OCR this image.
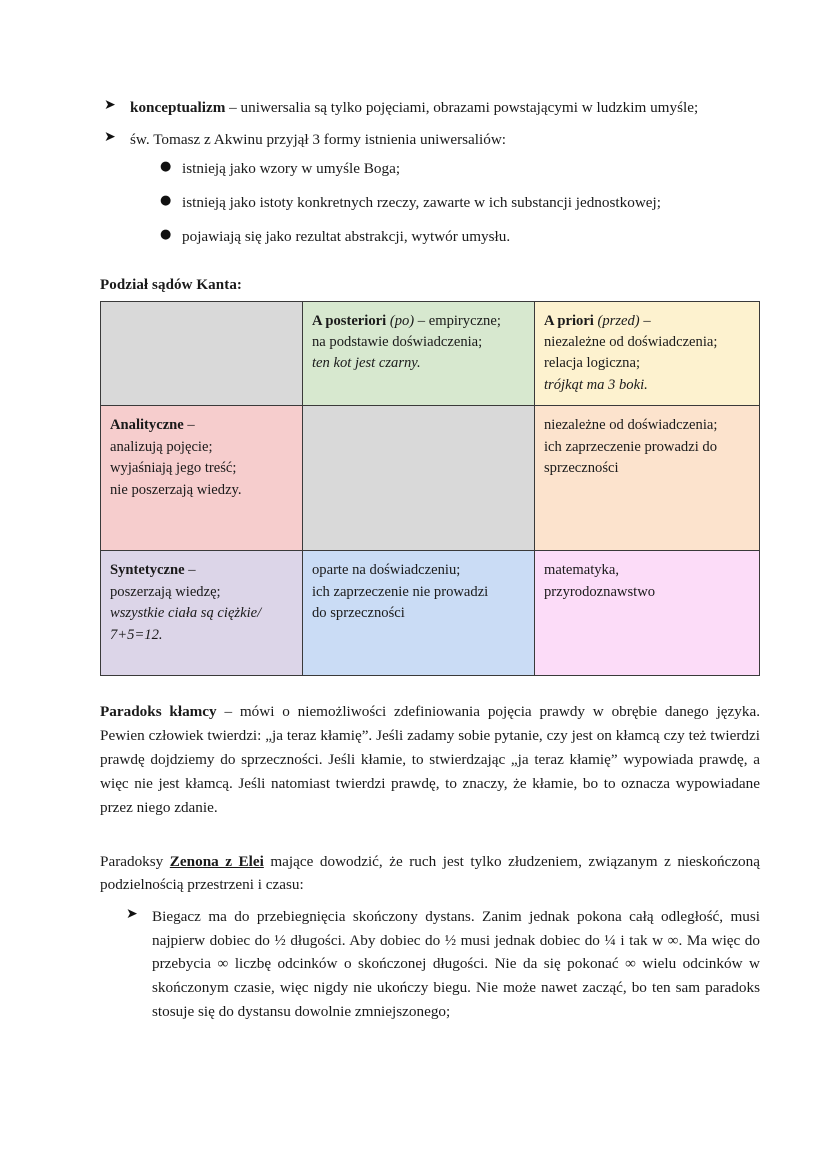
➤ konceptualizm – uniwersalia są tylko pojęciami, obrazami powstającymi w ludzkim umyśle;
➤ św. Tomasz z Akwinu przyjął 3 formy istnienia uniwersaliów:
● istnieją jako wzory w umyśle Boga;
● istnieją jako istoty konkretnych rzeczy, zawarte w ich substancji jednostkowej;
● pojawiają się jako rezultat abstrakcji, wytwór umysłu.
Podział sądów Kanta:

	A posteriori (po) – empiryczne;
na podstawie doświadczenia;
ten kot jest czarny.	A priori (przed) –
niezależne od doświadczenia;
relacja logiczna;
trójkąt ma 3 boki.

Analityczne –
analizują pojęcie;
wyjaśniają jego treść;
nie poszerzają wiedzy.		niezależne od doświadczenia;
ich zaprzeczenie prowadzi do
sprzeczności

Syntetyczne –
poszerzają wiedzę;
wszystkie ciała są ciężkie/
7+5=12.	oparte na doświadczeniu;
ich zaprzeczenie nie prowadzi
do sprzeczności	matematyka,
przyrodoznawstwo
Paradoks kłamcy – mówi o niemożliwości zdefiniowania pojęcia prawdy w obrębie danego języka. Pewien człowiek twierdzi: „ja teraz kłamię”. Jeśli zadamy sobie pytanie, czy jest on kłamcą czy też twierdzi prawdę dojdziemy do sprzeczności. Jeśli kłamie, to stwierdzając „ja teraz kłamię” wypowiada prawdę, a więc nie jest kłamcą. Jeśli natomiast twierdzi prawdę, to znaczy, że kłamie, bo to oznacza wypowiadane przez niego zdanie.
Paradoksy Zenona z Elei mające dowodzić, że ruch jest tylko złudzeniem, związanym z nieskończoną podzielnością przestrzeni i czasu:
➤ Biegacz ma do przebiegnięcia skończony dystans. Zanim jednak pokona całą odległość, musi najpierw dobiec do ½ długości. Aby dobiec do ½ musi jednak dobiec do ¼ i tak w ∞. Ma więc do przebycia ∞ liczbę odcinków o skończonej długości. Nie da się pokonać ∞ wielu odcinków w skończonym czasie, więc nigdy nie ukończy biegu. Nie może nawet zacząć, bo ten sam paradoks stosuje się do dystansu dowolnie zmniejszonego;
